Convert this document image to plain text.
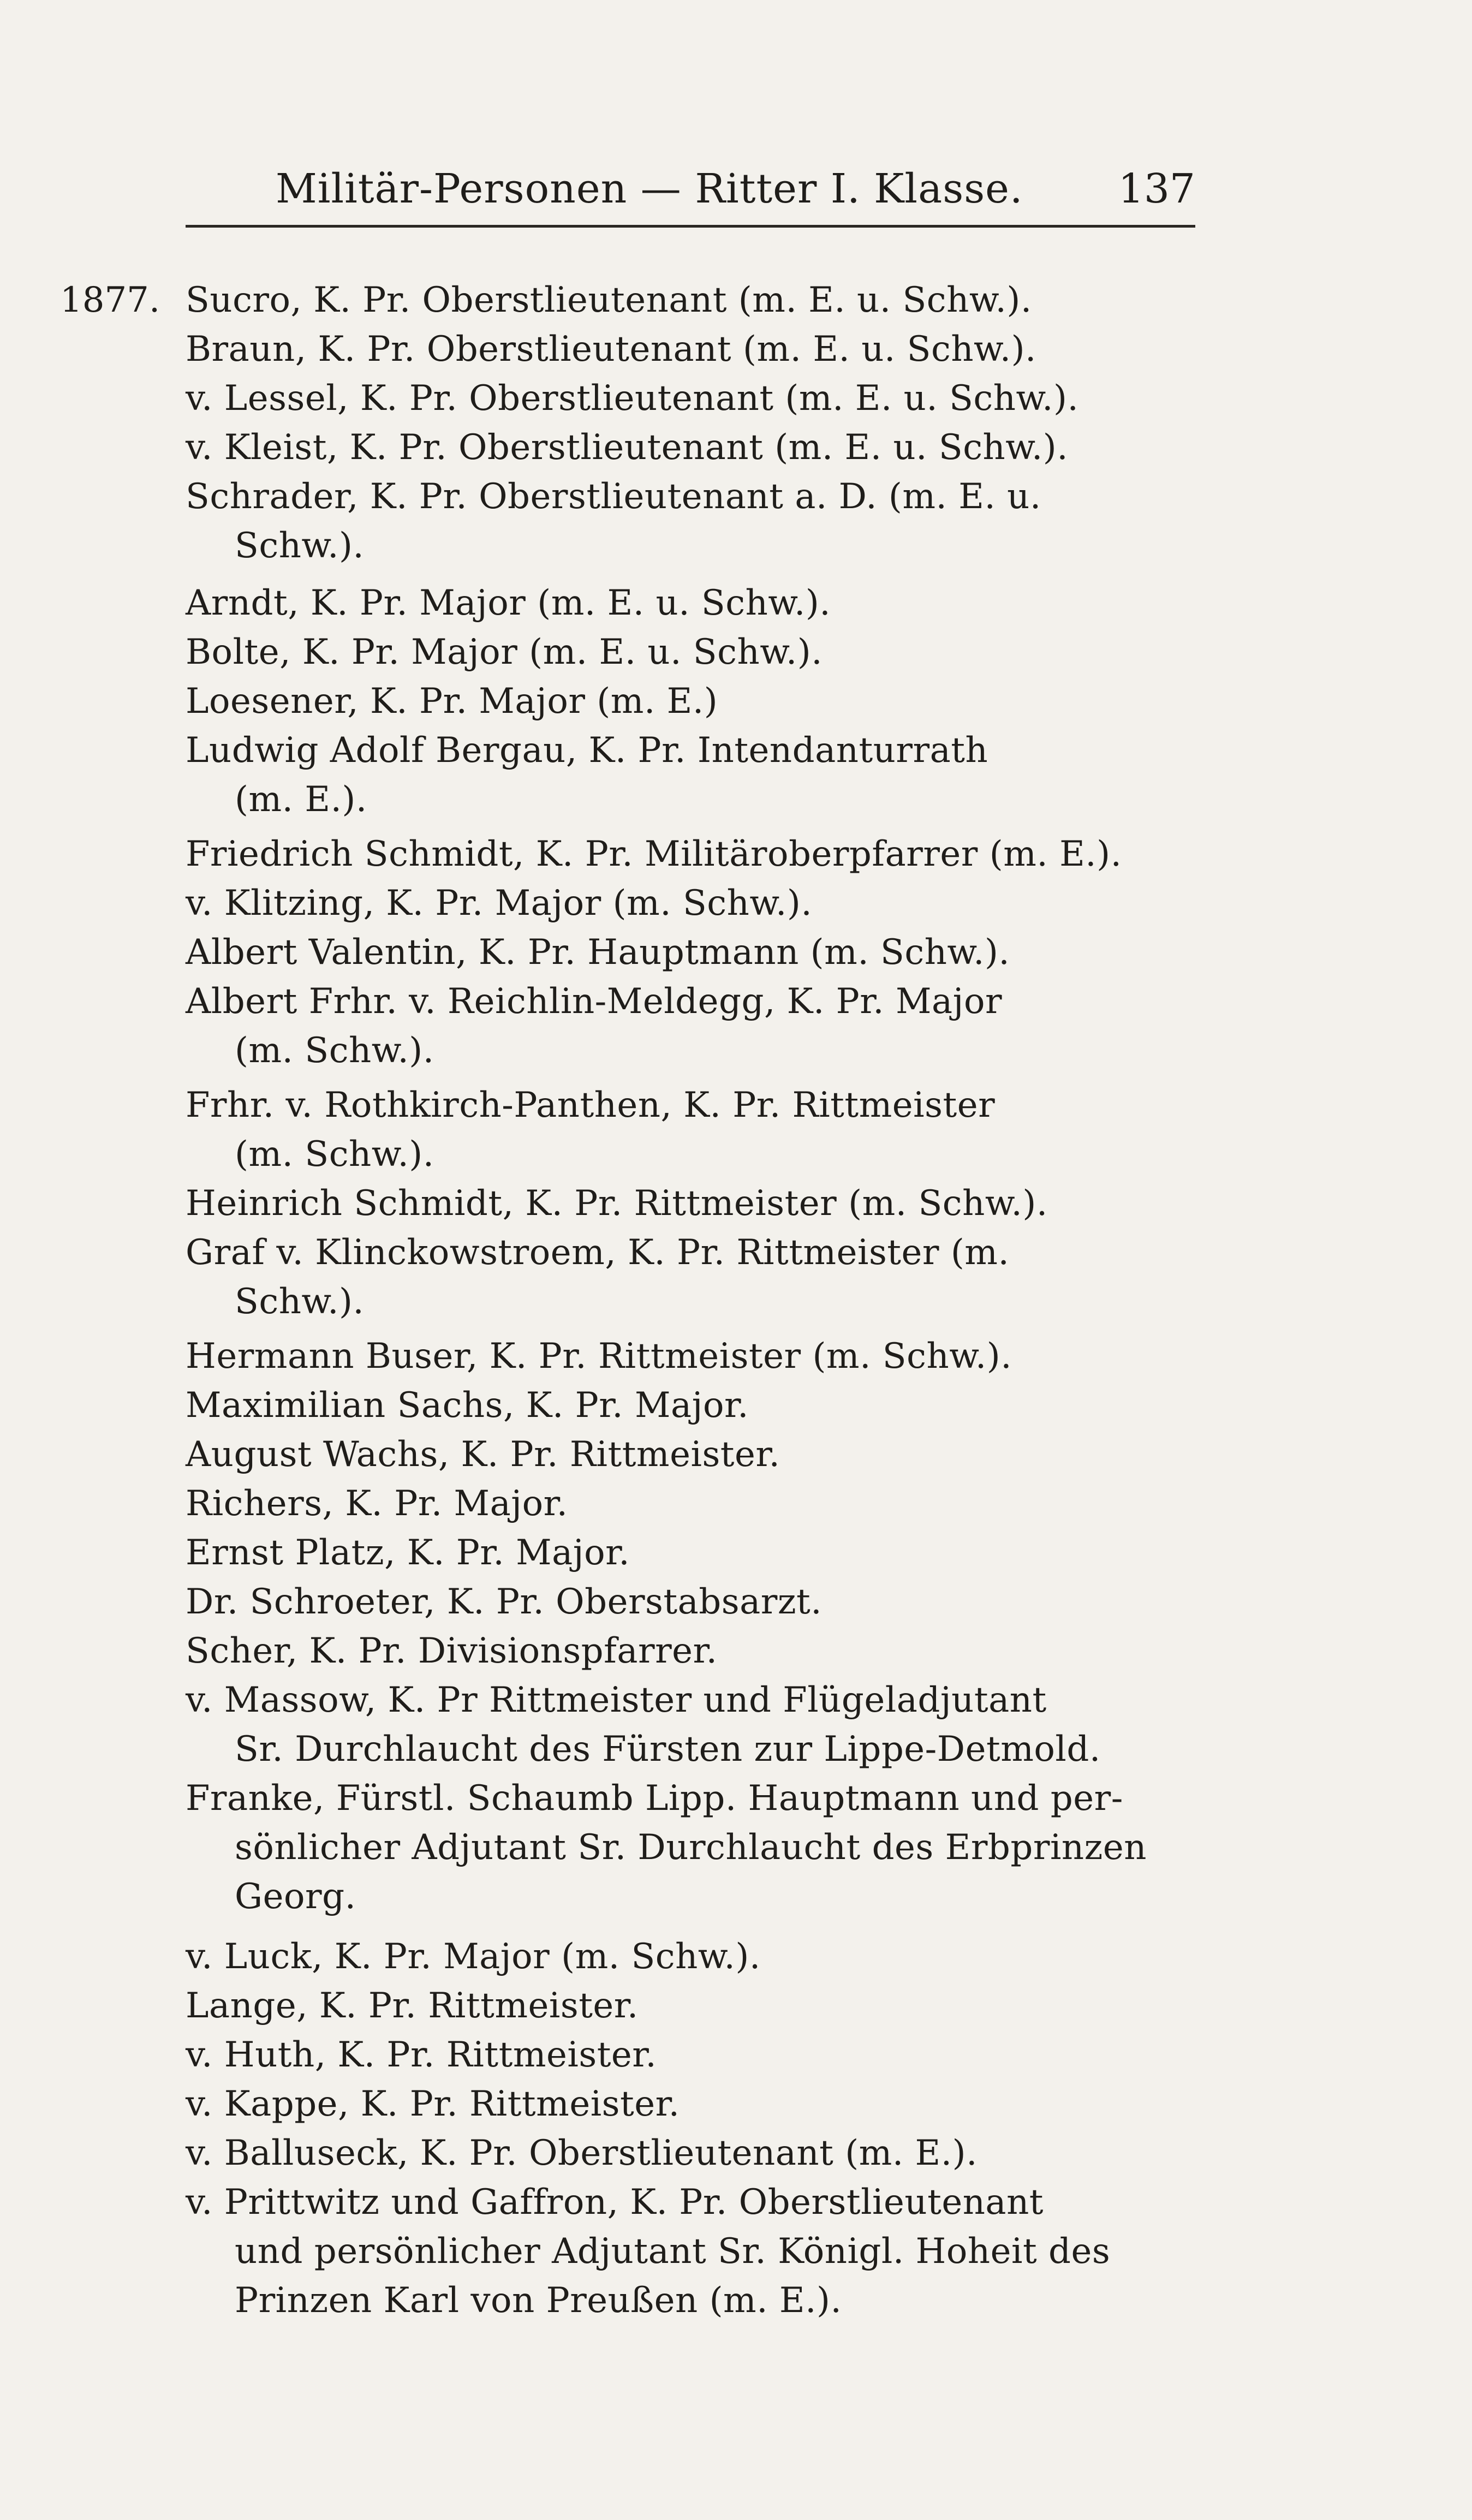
Militär-Personen — Ritter I. Klasse. 137
1877. Sucro, K. Pr. Oberstlieutenant (m. E. u. Schw.).
Braun, K. Pr. Oberstlieutenant (m. E. u. Schw.).
v. Lessel, K. Pr. Oberstlieutenant (m. E. u. Schw.).
v. Kleist, K. Pr. Oberstlieutenant (m. E. u. Schw.).
Schrader, K. Pr. Oberstlieutenant a. D. (m. E. u.
Schw.).
Arndt, K. Pr. Major (m. E. u. Schw.).
Bolte, K. Pr. Major (m. E. u. Schw.).
Loesener, K. Pr. Major (m. E.)
Ludwig Adolf Bergau, K. Pr. Intendanturrath
(m. E.).
Friedrich Schmidt, K. Pr. Militäroberpfarrer (m. E.).
v. Klitzing, K. Pr. Major (m. Schw.).
Albert Valentin, K. Pr. Hauptmann (m. Schw.).
Albert Frhr. v. Reichlin-Meldegg, K. Pr. Major
(m. Schw.).
Frhr. v. Rothkirch-Panthen, K. Pr. Rittmeister
(m. Schw.).
Heinrich Schmidt, K. Pr. Rittmeister (m. Schw.).
Graf v. Klinckowstroem, K. Pr. Rittmeister (m.
Schw.).
Hermann Buser, K. Pr. Rittmeister (m. Schw.).
Maximilian Sachs, K. Pr. Major.
August Wachs, K. Pr. Rittmeister.
Richers, K. Pr. Major.
Ernst Platz, K. Pr. Major.
Dr. Schroeter, K. Pr. Oberstabsarzt.
Scher, K. Pr. Divisionspfarrer.
v. Massow, K. Pr Rittmeister und Flügeladjutant
Sr. Durchlaucht des Fürsten zur Lippe-Detmold.
Franke, Fürstl. Schaumb Lipp. Hauptmann und per-
sönlicher Adjutant Sr. Durchlaucht des Erbprinzen
Georg.
v. Luck, K. Pr. Major (m. Schw.).
Lange, K. Pr. Rittmeister.
v. Huth, K. Pr. Rittmeister.
v. Kappe, K. Pr. Rittmeister.
v. Balluseck, K. Pr. Oberstlieutenant (m. E.).
v. Prittwitz und Gaffron, K. Pr. Oberstlieutenant
und persönlicher Adjutant Sr. Königl. Hoheit des
Prinzen Karl von Preußen (m. E.).
